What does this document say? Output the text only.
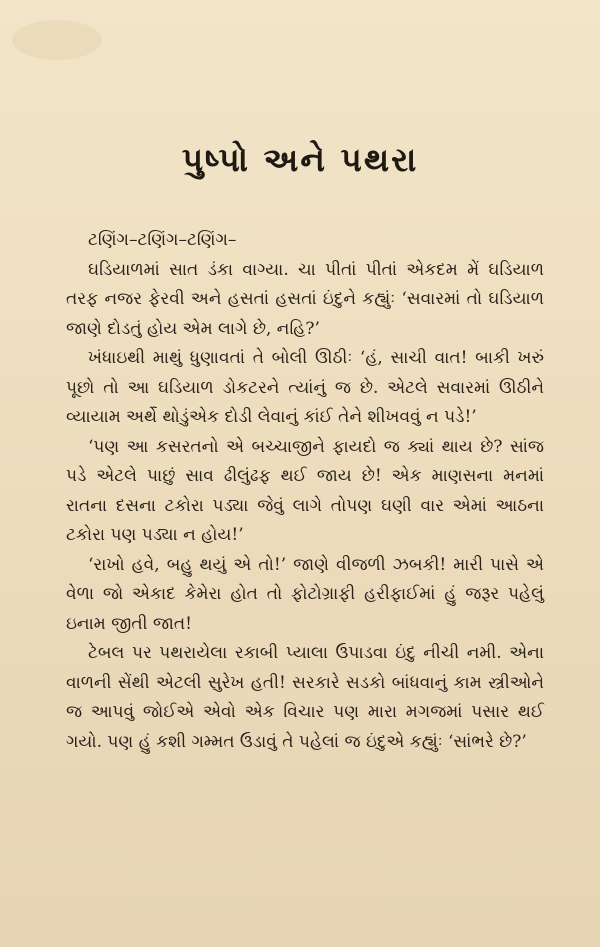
પુષ્પો અને પથરા

ટણિંગ–ટણિંગ–ટણિંગ–

ઘડિયાળમાં સાત ડંકા વાગ્યા. ચા પીતાં પીતાં એકદમ મેં ઘડિયાળ તરફ નજર ફેરવી અને હસતાં હસતાં ઇંદુને કહ્યુંઃ ‘સવારમાં તો ઘડિયાળ જાણે દોડતું હોય એમ લાગે છે, નહિ?’

ખંધાઇથી માથું ધુણાવતાં તે બોલી ઊઠીઃ ‘હં, સાચી વાત! બાકી ખરું પૂછો તો આ ઘડિયાળ ડોકટરને ત્યાંનું જ છે. એટલે સવારમાં ઊઠીને વ્યાયામ અર્થે થોડુંએક દોડી લેવાનું કાંઈ તેને શીખવવું ન પડે!’

‘પણ આ કસરતનો એ બચ્ચાજીને ફાયદો જ ક્યાં થાય છે? સાંજ પડે એટલે પાછું સાવ ઢીલુંઢફ થઈ જાય છે! એક માણસના મનમાં રાતના દસના ટકોરા પડ્યા જેવું લાગે તોપણ ઘણી વાર એમાં આઠના ટકોરા પણ પડ્યા ન હોય!’

‘રાખો હવે, બહુ થયું એ તો!’ જાણે વીજળી ઝબકી! મારી પાસે એ વેળા જો એકાદ કેમેરા હોત તો ફોટોગ્રાફી હરીફાઈમાં હું જરૂર પહેલું ઇનામ જીતી જાત!

ટેબલ પર પથરાયેલા રકાબી પ્યાલા ઉપાડવા ઇંદુ નીચી નમી. એના વાળની સેંથી એટલી સુરેખ હતી! સરકારે સડકો બાંધવાનું કામ સ્ત્રીઓને જ આપવું જોઈએ એવો એક વિચાર પણ મારા મગજમાં પસાર થઈ ગયો. પણ હું કશી ગમ્મત ઉડાવું તે પહેલાં જ ઇંદુએ કહ્યુંઃ ‘સાંભરે છે?’
